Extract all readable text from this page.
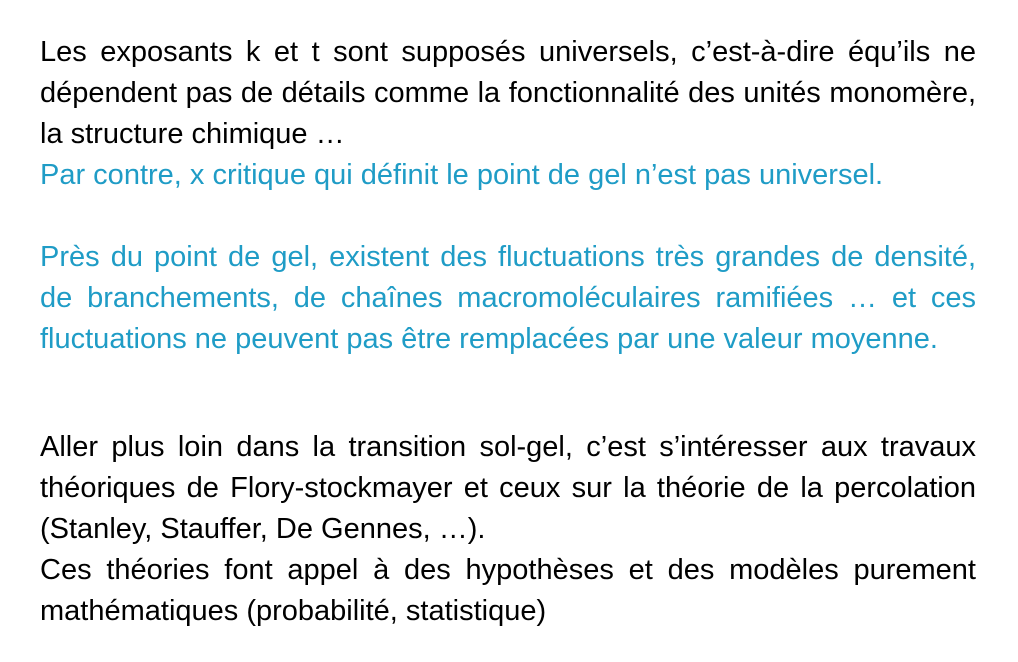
Les exposants k et t sont supposés universels, c’est-à-dire équ’ils ne dépendent pas de détails comme la fonctionnalité des unités monomère, la structure chimique …

Par contre, x critique qui définit le point de gel n’est pas universel.

Près du point de gel, existent des fluctuations très grandes de densité, de branchements, de chaînes macromoléculaires ramifiées … et ces fluctuations ne peuvent pas être remplacées par une valeur moyenne.

Aller plus loin dans la transition sol-gel, c’est s’intéresser aux travaux théoriques de Flory-stockmayer et ceux sur la théorie de la percolation (Stanley, Stauffer, De Gennes, …).

Ces théories font appel à des hypothèses et des modèles purement mathématiques (probabilité, statistique)
